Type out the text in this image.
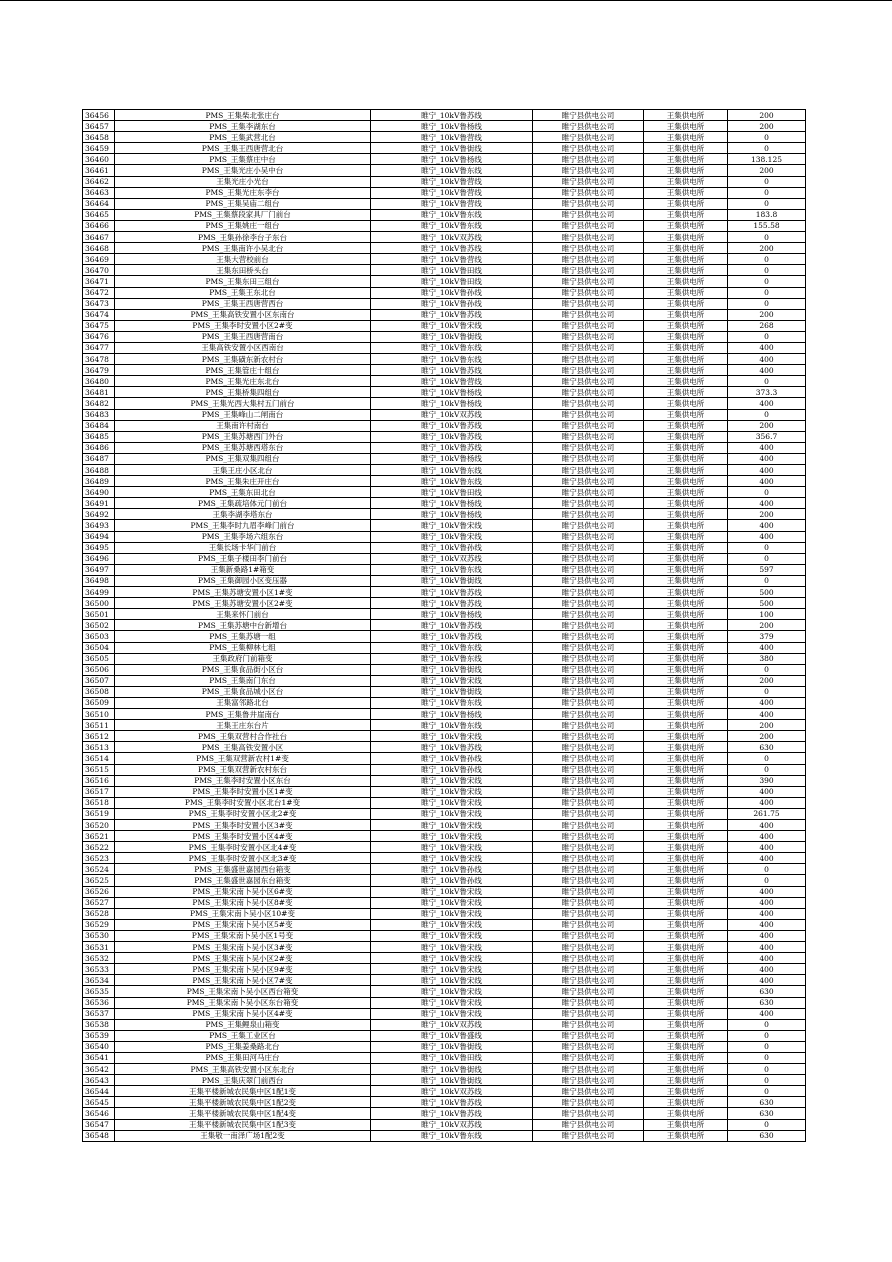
36456	PMS_王集柴北张庄台	睢宁_10kV鲁苏线	睢宁县供电公司	王集供电所	200
36457	PMS_王集李湖东台	睢宁_10kV鲁杨线	睢宁县供电公司	王集供电所	200
36458	PMS_王集武营北台	睢宁_10kV鲁营线	睢宁县供电公司	王集供电所	0
36459	PMS_王集王西唐营北台	睢宁_10kV鲁街线	睢宁县供电公司	王集供电所	0
36460	PMS_王集蔡庄中台	睢宁_10kV鲁杨线	睢宁县供电公司	王集供电所	138.125
36461	PMS_王集光庄小吴中台	睢宁_10kV鲁东线	睢宁县供电公司	王集供电所	200
36462	王集光庄小光台	睢宁_10kV鲁营线	睢宁县供电公司	王集供电所	0
36463	PMS_王集光庄东李台	睢宁_10kV鲁营线	睢宁县供电公司	王集供电所	0
36464	PMS_王集吴庙二组台	睢宁_10kV鲁营线	睢宁县供电公司	王集供电所	0
36465	PMS_王集蔡段家具厂门前台	睢宁_10kV鲁东线	睢宁县供电公司	王集供电所	183.8
36466	PMS_王集姚庄一组台	睢宁_10kV鲁东线	睢宁县供电公司	王集供电所	155.58
36467	PMS_王集孙徐李台子东台	睢宁_10kV双苏线	睢宁县供电公司	王集供电所	0
36468	PMS_王集南许小吴北台	睢宁_10kV鲁苏线	睢宁县供电公司	王集供电所	200
36469	王集大营校前台	睢宁_10kV鲁营线	睢宁县供电公司	王集供电所	0
36470	王集东田桥头台	睢宁_10kV鲁田线	睢宁县供电公司	王集供电所	0
36471	PMS_王集东田三组台	睢宁_10kV鲁田线	睢宁县供电公司	王集供电所	0
36472	PMS_王集王东北台	睢宁_10kV鲁孙线	睢宁县供电公司	王集供电所	0
36473	PMS_王集王西唐营西台	睢宁_10kV鲁孙线	睢宁县供电公司	王集供电所	0
36474	PMS_王集高铁安置小区东南台	睢宁_10kV鲁苏线	睢宁县供电公司	王集供电所	200
36475	PMS_王集李时安置小区2#变	睢宁_10kV鲁宋线	睢宁县供电公司	王集供电所	268
36476	PMS_王集王西唐营南台	睢宁_10kV鲁街线	睢宁县供电公司	王集供电所	0
36477	王集高铁安置小区西南台	睢宁_10kV鲁东线	睢宁县供电公司	王集供电所	400
36478	PMS_王集磺东新农村台	睢宁_10kV鲁东线	睢宁县供电公司	王集供电所	400
36479	PMS_王集管庄十组台	睢宁_10kV鲁苏线	睢宁县供电公司	王集供电所	400
36480	PMS_王集光庄东北台	睢宁_10kV鲁营线	睢宁县供电公司	王集供电所	0
36481	PMS_王集桥集四组台	睢宁_10kV鲁杨线	睢宁县供电公司	王集供电所	373.3
36482	PMS_王集光西大集村五门前台	睢宁_10kV鲁杨线	睢宁县供电公司	王集供电所	400
36483	PMS_王集峰山二闸南台	睢宁_10kV双苏线	睢宁县供电公司	王集供电所	0
36484	王集南许村南台	睢宁_10kV鲁苏线	睢宁县供电公司	王集供电所	200
36485	PMS_王集苏塘西门外台	睢宁_10kV鲁苏线	睢宁县供电公司	王集供电所	356.7
36486	PMS_王集苏塘西塔东台	睢宁_10kV鲁苏线	睢宁县供电公司	王集供电所	400
36487	PMS_王集双集四组台	睢宁_10kV鲁杨线	睢宁县供电公司	王集供电所	400
36488	王集王庄小区北台	睢宁_10kV鲁东线	睢宁县供电公司	王集供电所	400
36489	PMS_王集朱庄开庄台	睢宁_10kV鲁东线	睢宁县供电公司	王集供电所	400
36490	PMS_王集东田北台	睢宁_10kV鲁田线	睢宁县供电公司	王集供电所	0
36491	PMS_王集疏培体元门前台	睢宁_10kV鲁杨线	睢宁县供电公司	王集供电所	400
36492	王集李湖李塔东台	睢宁_10kV鲁杨线	睢宁县供电公司	王集供电所	200
36493	PMS_王集李时九眉李峰门前台	睢宁_10kV鲁宋线	睢宁县供电公司	王集供电所	400
36494	PMS_王集李场六组东台	睢宁_10kV鲁宋线	睢宁县供电公司	王集供电所	400
36495	王集长场卡华门前台	睢宁_10kV鲁孙线	睢宁县供电公司	王集供电所	0
36496	PMS_王集子楼田李门前台	睢宁_10kV双苏线	睢宁县供电公司	王集供电所	0
36497	王集新桑路1#箱变	睢宁_10kV鲁东线	睢宁县供电公司	王集供电所	597
36498	PMS_王集御园小区变压器	睢宁_10kV鲁街线	睢宁县供电公司	王集供电所	0
36499	PMS_王集苏塘安置小区1#变	睢宁_10kV鲁苏线	睢宁县供电公司	王集供电所	500
36500	PMS_王集苏塘安置小区2#变	睢宁_10kV鲁苏线	睢宁县供电公司	王集供电所	500
36501	王集来怀门前台	睢宁_10kV鲁杨线	睢宁县供电公司	王集供电所	100
36502	PMS_王集苏塘中台新增台	睢宁_10kV鲁苏线	睢宁县供电公司	王集供电所	200
36503	PMS_王集苏塘一组	睢宁_10kV鲁苏线	睢宁县供电公司	王集供电所	379
36504	PMS_王集柳林七组	睢宁_10kV鲁东线	睢宁县供电公司	王集供电所	400
36505	王集政府门前箱变	睢宁_10kV鲁东线	睢宁县供电公司	王集供电所	380
36506	PMS_王集食品街小区台	睢宁_10kV鲁街线	睢宁县供电公司	王集供电所	0
36507	PMS_王集南门东台	睢宁_10kV鲁宋线	睢宁县供电公司	王集供电所	200
36508	PMS_王集食品城小区台	睢宁_10kV鲁街线	睢宁县供电公司	王集供电所	0
36509	王集富邻路北台	睢宁_10kV鲁东线	睢宁县供电公司	王集供电所	400
36510	PMS_王集鲁井崖南台	睢宁_10kV鲁杨线	睢宁县供电公司	王集供电所	400
36511	王集王庄东台片	睢宁_10kV鲁东线	睢宁县供电公司	王集供电所	200
36512	PMS_王集双营村合作社台	睢宁_10kV鲁宋线	睢宁县供电公司	王集供电所	200
36513	PMS_王集高铁安置小区	睢宁_10kV鲁苏线	睢宁县供电公司	王集供电所	630
36514	PMS_王集双营新农村1#变	睢宁_10kV鲁孙线	睢宁县供电公司	王集供电所	0
36515	PMS_王集双营新农村东台	睢宁_10kV鲁孙线	睢宁县供电公司	王集供电所	0
36516	PMS_王集李时安置小区东台	睢宁_10kV鲁宋线	睢宁县供电公司	王集供电所	390
36517	PMS_王集李时安置小区1#变	睢宁_10kV鲁宋线	睢宁县供电公司	王集供电所	400
36518	PMS_王集李时安置小区北台1#变	睢宁_10kV鲁宋线	睢宁县供电公司	王集供电所	400
36519	PMS_王集李时安置小区北2#变	睢宁_10kV鲁宋线	睢宁县供电公司	王集供电所	261.75
36520	PMS_王集李时安置小区3#变	睢宁_10kV鲁宋线	睢宁县供电公司	王集供电所	400
36521	PMS_王集李时安置小区4#变	睢宁_10kV鲁宋线	睢宁县供电公司	王集供电所	400
36522	PMS_王集李时安置小区北4#变	睢宁_10kV鲁宋线	睢宁县供电公司	王集供电所	400
36523	PMS_王集李时安置小区北3#变	睢宁_10kV鲁宋线	睢宁县供电公司	王集供电所	400
36524	PMS_王集盛世嘉园西台箱变	睢宁_10kV鲁孙线	睢宁县供电公司	王集供电所	0
36525	PMS_王集盛世嘉园东台箱变	睢宁_10kV鲁孙线	睢宁县供电公司	王集供电所	0
36526	PMS_王集宋南卜吴小区6#变	睢宁_10kV鲁宋线	睢宁县供电公司	王集供电所	400
36527	PMS_王集宋南卜吴小区8#变	睢宁_10kV鲁宋线	睢宁县供电公司	王集供电所	400
36528	PMS_王集宋南卜吴小区10#变	睢宁_10kV鲁宋线	睢宁县供电公司	王集供电所	400
36529	PMS_王集宋南卜吴小区5#变	睢宁_10kV鲁宋线	睢宁县供电公司	王集供电所	400
36530	PMS_王集宋南卜吴小区1号变	睢宁_10kV鲁宋线	睢宁县供电公司	王集供电所	400
36531	PMS_王集宋南卜吴小区3#变	睢宁_10kV鲁宋线	睢宁县供电公司	王集供电所	400
36532	PMS_王集宋南卜吴小区2#变	睢宁_10kV鲁宋线	睢宁县供电公司	王集供电所	400
36533	PMS_王集宋南卜吴小区9#变	睢宁_10kV鲁宋线	睢宁县供电公司	王集供电所	400
36534	PMS_王集宋南卜吴小区7#变	睢宁_10kV鲁宋线	睢宁县供电公司	王集供电所	400
36535	PMS_王集宋南卜吴小区西台箱变	睢宁_10kV鲁宋线	睢宁县供电公司	王集供电所	630
36536	PMS_王集宋南卜吴小区东台箱变	睢宁_10kV鲁宋线	睢宁县供电公司	王集供电所	630
36537	PMS_王集宋南卜吴小区4#变	睢宁_10kV鲁宋线	睢宁县供电公司	王集供电所	400
36538	PMS_王集鲤泉山箱变	睢宁_10kV双苏线	睢宁县供电公司	王集供电所	0
36539	PMS_王集工业区台	睢宁_10kV鲁盛线	睢宁县供电公司	王集供电所	0
36540	PMS_王集姜桑路北台	睢宁_10kV鲁街线	睢宁县供电公司	王集供电所	0
36541	PMS_王集田河马庄台	睢宁_10kV鲁田线	睢宁县供电公司	王集供电所	0
36542	PMS_王集高铁安置小区东北台	睢宁_10kV鲁街线	睢宁县供电公司	王集供电所	0
36543	PMS_王集庆翠门前西台	睢宁_10kV鲁街线	睢宁县供电公司	王集供电所	0
36544	王集平楼新城农民集中区1配1变	睢宁_10kV双苏线	睢宁县供电公司	王集供电所	0
36545	王集平楼新城农民集中区1配2变	睢宁_10kV鲁苏线	睢宁县供电公司	王集供电所	630
36546	王集平楼新城农民集中区1配4变	睢宁_10kV鲁苏线	睢宁县供电公司	王集供电所	630
36547	王集平楼新城农民集中区1配3变	睢宁_10kV双苏线	睢宁县供电公司	王集供电所	0
36548	王集敬一南泽广场1配2变	睢宁_10kV鲁东线	睢宁县供电公司	王集供电所	630
